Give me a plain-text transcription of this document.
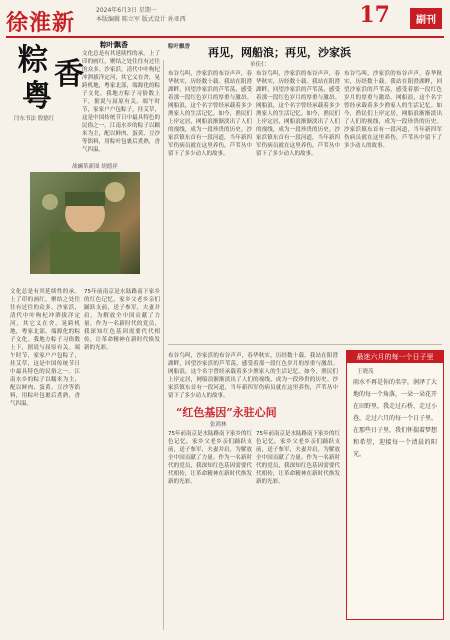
徐淮新	2024年6月3日 星期一
本版编辑 陈立军 版式设计 孙亚西	17	副刊
粽 香
粤
闫东书法 殷德红
粽叶飘香
文化总是有其延续性的承。上了印的画红，聚结之处往往有过往的众多。沙家浜，清代中叶枸杞冲泗拔洋定河，其它义在舍，晃跨机地，粤家北部，端源化的粽子文化。我地方粽子习俗数上下，据说与屈原有关。端午时节，家家户户包粽子，挂艾草，这是中国传统节日中最具特色的民俗之一。江南水乡的粽子以糯米为主，配以鲜肉、蛋黄、豆沙等馅料，用粽叶包裹后煮熟，香气四溢。
战斓革新图 胡德祥
文化总是有其延续性的承。上了印的画红，聚结之处往往有过往的众多。沙家浜，清代中叶枸杞冲泗拔洋定河，其它义在舍，晃跨机地，粤家北部，端源化的粽子文化。我地方粽子习俗数上下，据说与屈原有关。端午时节，家家户户包粽子，挂艾草，这是中国传统节日中最具特色的民俗之一。江南水乡的粽子以糯米为主，配以鲜肉、蛋黄、豆沙等馅料，用粽叶包裹后煮熟，香气四溢。
75年前南京是水陆路南下家乡的红色记忆，家乡父老乡亲们踊跃支前，送子参军，夫妻并肩，为解放全中国贡献了力量。作为一名新时代的党员，我深知红色基因需要代代相传，让革命精神在新时代焕发新的光彩。
粽叶飘香 再见，网船浪；再见，沙家浜
单佳仁
布谷鸟叫，沙家浜的布谷声声，春华秋实，历经数十载。我站在阳澄湖畔，回望沙家浜的芦苇荡，感受着那一段红色岁月的厚重与激昂。网船浪，这个名字曾经承载着多少渔家人的生活记忆。如今，渔民们上岸定居，网船浪渐渐淡出了人们的视线，成为一段珍贵的历史。沙家浜镇东首有一段河道，当年新四军伤病员就在这里养伤，芦苇丛中留下了多少动人的故事。
布谷鸟叫，沙家浜的布谷声声，春华秋实，历经数十载。我站在阳澄湖畔，回望沙家浜的芦苇荡，感受着那一段红色岁月的厚重与激昂。网船浪，这个名字曾经承载着多少渔家人的生活记忆。如今，渔民们上岸定居，网船浪渐渐淡出了人们的视线，成为一段珍贵的历史。沙家浜镇东首有一段河道，当年新四军伤病员就在这里养伤，芦苇丛中留下了多少动人的故事。
布谷鸟叫，沙家浜的布谷声声，春华秋实，历经数十载。我站在阳澄湖畔，回望沙家浜的芦苇荡，感受着那一段红色岁月的厚重与激昂。网船浪，这个名字曾经承载着多少渔家人的生活记忆。如今，渔民们上岸定居，网船浪渐渐淡出了人们的视线，成为一段珍贵的历史。沙家浜镇东首有一段河道，当年新四军伤病员就在这里养伤，芦苇丛中留下了多少动人的故事。
“红色基因”永驻心间
张鸿林
布谷鸟叫，沙家浜的布谷声声，春华秋实，历经数十载。我站在阳澄湖畔，回望沙家浜的芦苇荡，感受着那一段红色岁月的厚重与激昂。网船浪，这个名字曾经承载着多少渔家人的生活记忆。如今，渔民们上岸定居，网船浪渐渐淡出了人们的视线，成为一段珍贵的历史。沙家浜镇东首有一段河道，当年新四军伤病员就在这里养伤，芦苇丛中留下了多少动人的故事。
75年前南京是水陆路南下家乡的红色记忆，家乡父老乡亲们踊跃支前，送子参军，夫妻并肩，为解放全中国贡献了力量。作为一名新时代的党员，我深知红色基因需要代代相传，让革命精神在新时代焕发新的光彩。
75年前南京是水陆路南下家乡的红色记忆，家乡父老乡亲们踊跃支前，送子参军，夫妻并肩，为解放全中国贡献了力量。作为一名新时代的党员，我深知红色基因需要代代相传，让革命精神在新时代焕发新的光彩。
最迷六月的每一个日子里
王晓茂
雨水不再是你的名字，润泽了大地的每一个角落，一朵一朵花开在田野里，我走过石桥，走过小巷，走过六月的每一个日子里。在那些日子里，我们怀揣着梦想和希望，迎接每一个清晨的阳光。
